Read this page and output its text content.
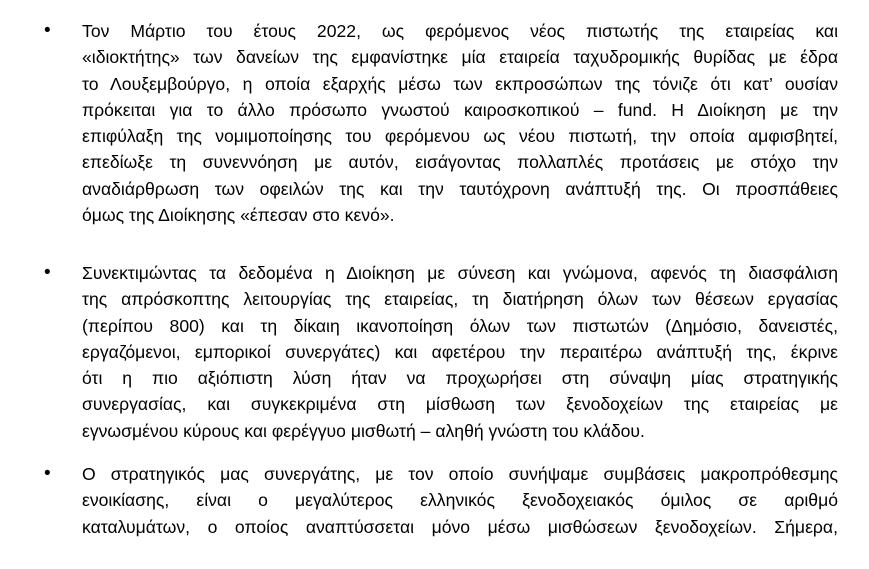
• Τον Μάρτιο του έτους 2022, ως φερόμενος νέος πιστωτής της εταιρείας και
«ιδιοκτήτης» των δανείων της εμφανίστηκε μία εταιρεία ταχυδρομικής θυρίδας με έδρα
το Λουξεμβούργο, η οποία εξαρχής μέσω των εκπροσώπων της τόνιζε ότι κατ’ ουσίαν
πρόκειται για το άλλο πρόσωπο γνωστού καιροσκοπικού – fund. Η Διοίκηση με την
επιφύλαξη της νομιμοποίησης του φερόμενου ως νέου πιστωτή, την οποία αμφισβητεί,
επεδίωξε τη συνεννόηση με αυτόν, εισάγοντας πολλαπλές προτάσεις με στόχο την
αναδιάρθρωση των οφειλών της και την ταυτόχρονη ανάπτυξή της. Οι προσπάθειες
όμως της Διοίκησης «έπεσαν στο κενό».

• Συνεκτιμώντας τα δεδομένα η Διοίκηση με σύνεση και γνώμονα, αφενός τη διασφάλιση
της απρόσκοπτης λειτουργίας της εταιρείας, τη διατήρηση όλων των θέσεων εργασίας
(περίπου 800) και τη δίκαιη ικανοποίηση όλων των πιστωτών (Δημόσιο, δανειστές,
εργαζόμενοι, εμπορικοί συνεργάτες) και αφετέρου την περαιτέρω ανάπτυξή της, έκρινε
ότι η πιο αξιόπιστη λύση ήταν να προχωρήσει στη σύναψη μίας στρατηγικής
συνεργασίας, και συγκεκριμένα στη μίσθωση των ξενοδοχείων της εταιρείας με
εγνωσμένου κύρους και φερέγγυο μισθωτή – αληθή γνώστη του κλάδου.

• Ο στρατηγικός μας συνεργάτης, με τον οποίο συνήψαμε συμβάσεις μακροπρόθεσμης
ενοικίασης, είναι ο μεγαλύτερος ελληνικός ξενοδοχειακός όμιλος σε αριθμό
καταλυμάτων, ο οποίος αναπτύσσεται μόνο μέσω μισθώσεων ξενοδοχείων. Σήμερα,
